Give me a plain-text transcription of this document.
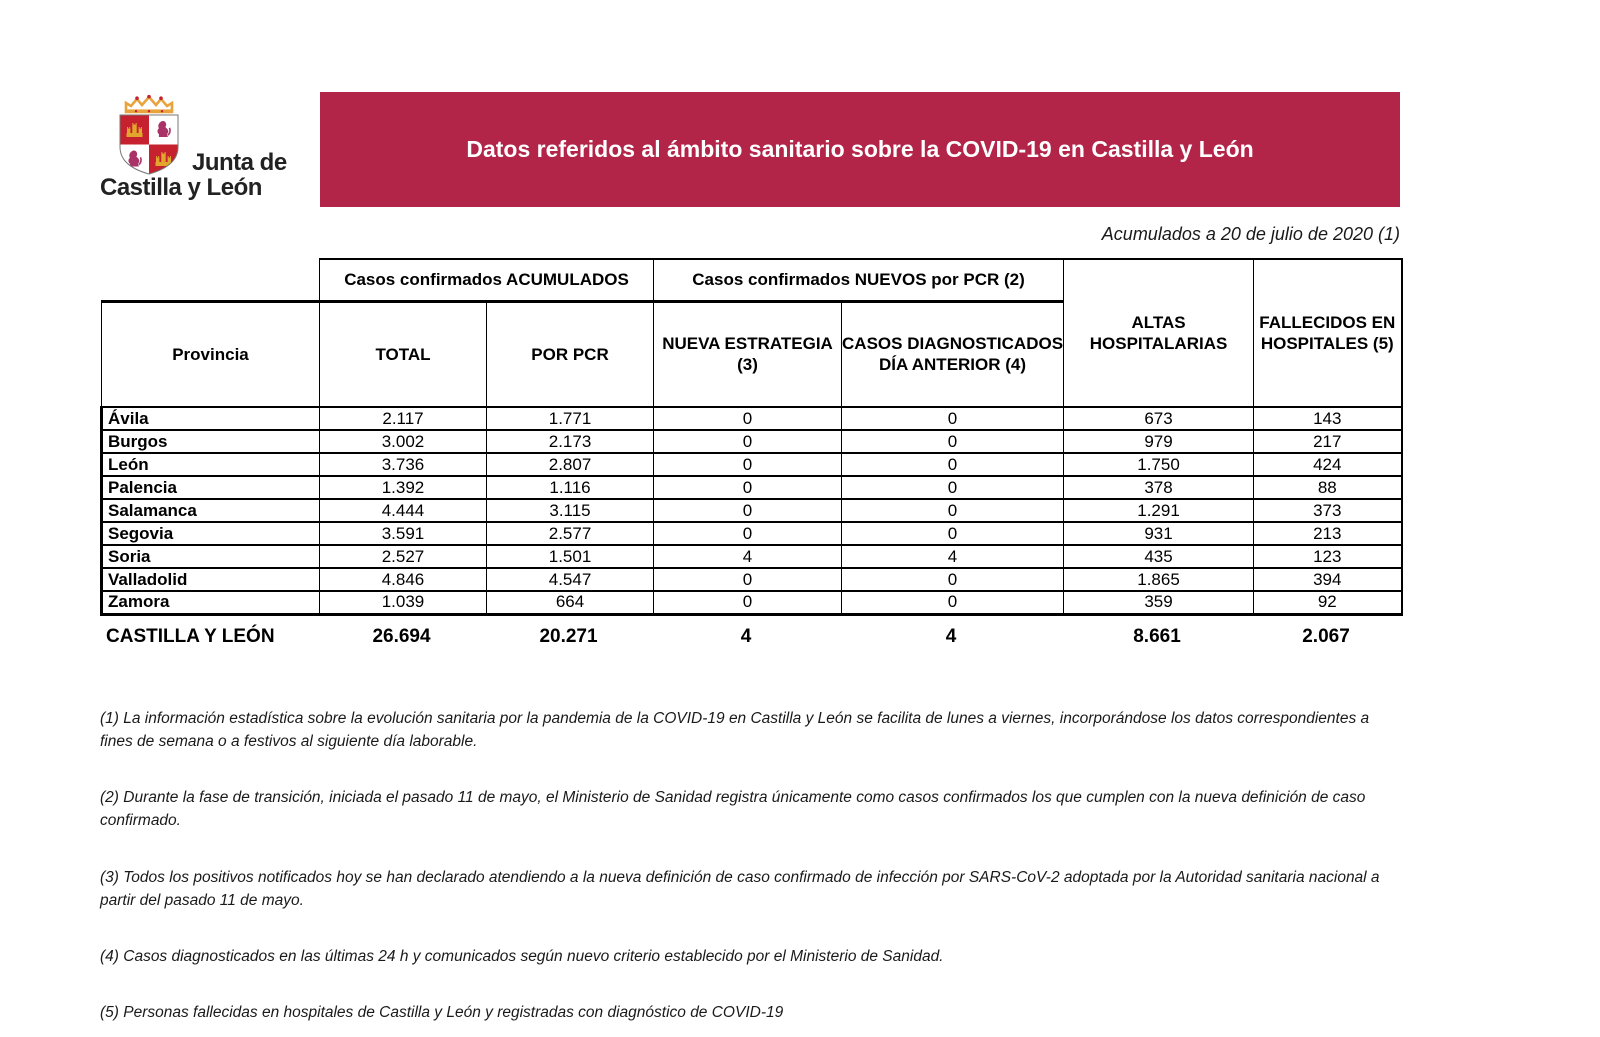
Junta de
Castilla y León
Datos referidos al ámbito sanitario sobre la COVID-19 en Castilla y León
Acumulados a 20 de julio de 2020 (1)
	Casos confirmados ACUMULADOS		Casos confirmados NUEVOS por PCR (2)		ALTAS HOSPITALARIAS	FALLECIDOS EN HOSPITALES (5)
Provincia	TOTAL	POR PCR	NUEVA ESTRATEGIA (3)	CASOS DIAGNOSTICADOS DÍA ANTERIOR (4)		
Ávila	2.117	1.771	0	0	673	143
Burgos	3.002	2.173	0	0	979	217
León	3.736	2.807	0	0	1.750	424
Palencia	1.392	1.116	0	0	378	88
Salamanca	4.444	3.115	0	0	1.291	373
Segovia	3.591	2.577	0	0	931	213
Soria	2.527	1.501	4	4	435	123
Valladolid	4.846	4.547	0	0	1.865	394
Zamora	1.039	664	0	0	359	92
CASTILLA Y LEÓN	26.694	20.271	4	4	8.661	2.067

(1) La información estadística sobre la evolución sanitaria por la pandemia de la COVID-19 en Castilla y León se facilita de lunes a viernes, incorporándose los datos correspondientes a fines de semana o a festivos al siguiente día laborable.

(2) Durante la fase de transición, iniciada el pasado 11 de mayo, el Ministerio de Sanidad registra únicamente como casos confirmados los que cumplen con la nueva definición de caso confirmado.

(3) Todos los positivos notificados hoy se han declarado atendiendo a la nueva definición de caso confirmado de infección por SARS-CoV-2 adoptada por la Autoridad sanitaria nacional a partir del pasado 11 de mayo.

(4) Casos diagnosticados en las últimas 24 h y comunicados según nuevo criterio establecido por el Ministerio de Sanidad.

(5) Personas fallecidas en hospitales de Castilla y León y registradas con diagnóstico de COVID-19
